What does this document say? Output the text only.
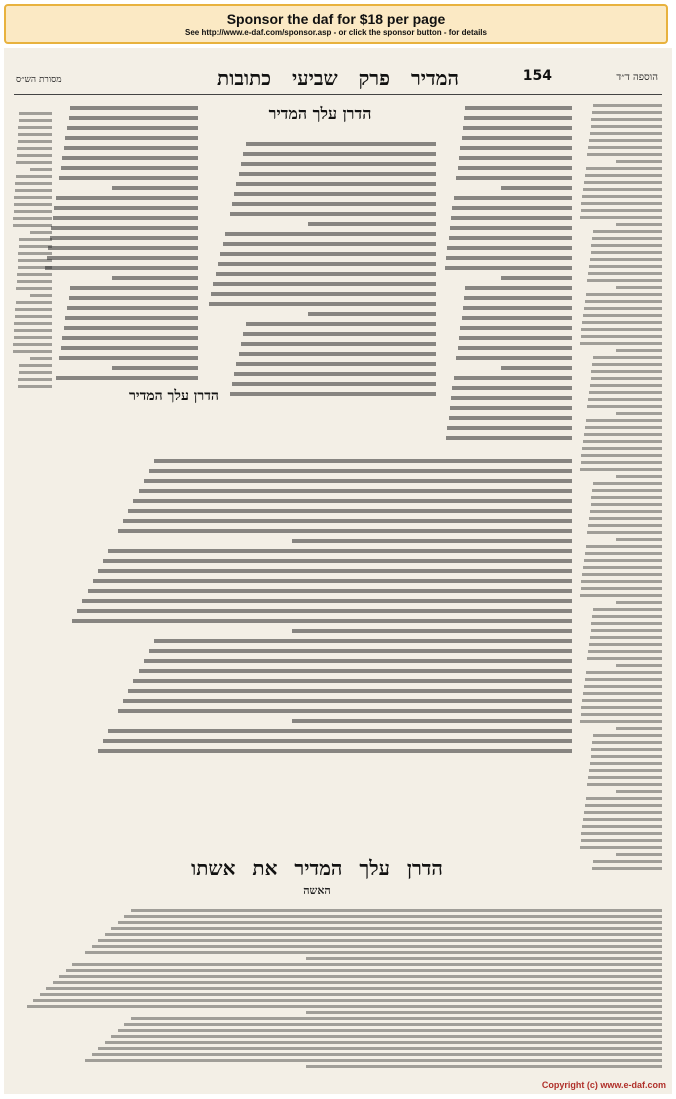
Sponsor the daf for $18 per page
See http://www.e-daf.com/sponsor.asp - or click the sponsor button - for details
הוספה ד״ד
154
המדיר פרק שביעי כתובות
מסורת הש״ס
הדרן עלך המדיר
הדרן עלך המדיר
הדרן עלך המדיר את אשתו
האשה
Copyright (c) www.e-daf.com
